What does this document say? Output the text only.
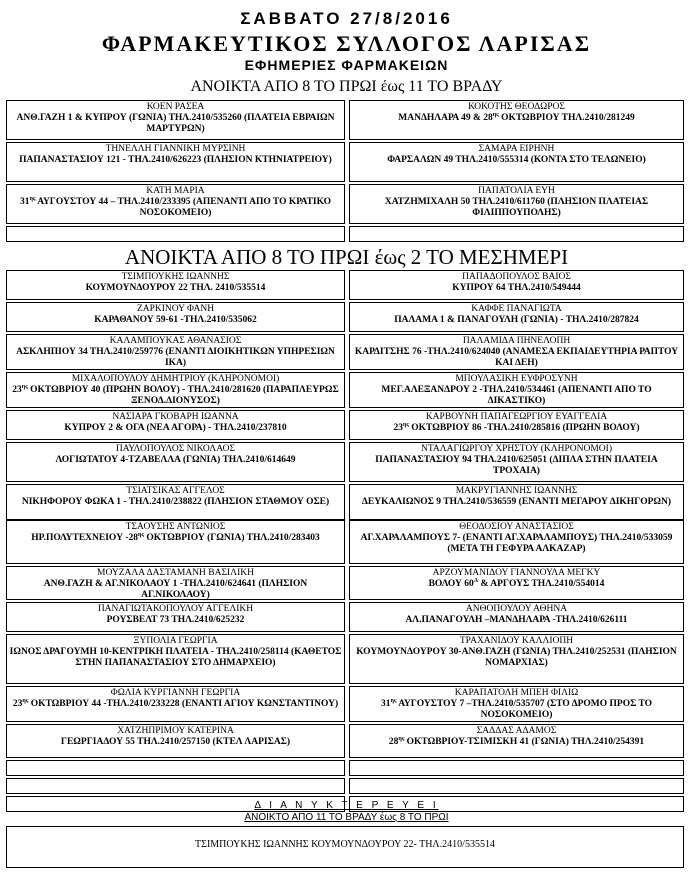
ΣΑΒΒΑΤΟ 27/8/2016
ΦΑΡΜΑΚΕΥΤΙΚΟΣ ΣΥΛΛΟΓΟΣ ΛΑΡΙΣΑΣ
ΕΦΗΜΕΡΙΕΣ ΦΑΡΜΑΚΕΙΩΝ
ΑΝΟΙΚΤΑ ΑΠΟ 8 ΤΟ ΠΡΩΙ έως 11 ΤΟ ΒΡΑΔΥ
ΚΟΕΝ ΡΑΣΕΑ
ΑΝΘ.ΓΑΖΗ 1 & ΚΥΠΡΟΥ (ΓΩΝΙΑ) ΤΗΛ.2410/535260 (ΠΛΑΤΕΙΑ ΕΒΡΑΙΩΝ ΜΑΡΤΥΡΩΝ)
ΚΟΚΟΤΗΣ ΘΕΟΔΩΡΟΣ
ΜΑΝΔΗΛΑΡΑ 49 & $28^{\eta\varsigma}$ ΟΚΤΩΒΡΙΟΥ ΤΗΛ.2410/281249
ΤΗΝΕΛΛΗ ΓΙΑΝΝΙΚΗ ΜΥΡΣΙΝΗ
ΠΑΠΑΝΑΣΤΑΣΙΟΥ 121 - ΤΗΛ.2410/626223 (ΠΛΗΣΙΟΝ ΚΤΗΝΙΑΤΡΕΙΟΥ)
ΣΑΜΑΡΑ ΕΙΡΗΝΗ
ΦΑΡΣΑΛΩΝ 49 ΤΗΛ.2410/555314 (ΚΟΝΤΑ ΣΤΟ ΤΕΛΩΝΕΙΟ)
ΚΑΤΗ ΜΑΡΙΑ
$31^{\eta\varsigma}$ ΑΥΓΟΥΣΤΟΥ 44 – ΤΗΛ.2410/233395 (ΑΠΕΝΑΝΤΙ ΑΠΟ ΤΟ ΚΡΑΤΙΚΟ ΝΟΣΟΚΟΜΕΙΟ)
ΠΑΠΑΤΟΛΙΑ ΕΥΗ
ΧΑΤΖΗΜΙΧΑΛΗ 50 ΤΗΛ.2410/611760 (ΠΛΗΣΙΟΝ ΠΛΑΤΕΙΑΣ ΦΙΛΙΠΠΟΥΠΟΛΗΣ)
ΑΝΟΙΚΤΑ ΑΠΟ 8 ΤΟ ΠΡΩΙ έως 2 ΤΟ ΜΕΣΗΜΕΡΙ
ΤΣΙΜΠΟΥΚΗΣ ΙΩΑΝΝΗΣ
ΚΟΥΜΟΥΝΔΟΥΡΟΥ 22 ΤΗΛ. 2410/535514
ΠΑΠΑΔΟΠΟΥΛΟΣ ΒΑΙΟΣ
ΚΥΠΡΟΥ 64 ΤΗΛ.2410/549444
ΖΑΡΚΙΝΟΥ ΦΑΝΗ
ΚΑΡΑΘΑΝΟΥ 59-61 -ΤΗΛ.2410/535062
ΚΑΦΦΕ ΠΑΝΑΓΙΩΤΑ
ΠΑΛΑΜΑ 1 & ΠΑΝΑΓΟΥΛΗ (ΓΩΝΙΑ) - ΤΗΛ.2410/287824
ΚΑΛΑΜΠΟΥΚΑΣ ΑΘΑΝΑΣΙΟΣ
ΑΣΚΛΗΠΙΟΥ 34 ΤΗΛ.2410/259776 (ΕΝΑΝΤΙ ΔΙΟΙΚΗΤΙΚΩΝ ΥΠΗΡΕΣΙΩΝ ΙΚΑ)
ΠΑΛΑΜΙΔΑ ΠΗΝΕΛΟΠΗ
ΚΑΡΔΙΤΣΗΣ 76 -ΤΗΛ.2410/624040 (ΑΝΑΜΕΣΑ ΕΚΠΑΙΔΕΥΤΗΡΙΑ ΡΑΠΤΟΥ ΚΑΙ ΔΕΗ)
ΜΙΧΑΛΟΠΟΥΛΟΥ ΔΗΜΗΤΡΙΟΥ (ΚΛΗΡΟΝΟΜΟΙ)
$23^{\eta\varsigma}$ ΟΚΤΩΒΡΙΟΥ 40 (ΠΡΩΗΝ ΒΟΛΟΥ) - ΤΗΛ.2410/281620 (ΠΑΡΑΠΛΕΥΡΩΣ ΞΕΝΟΔ.ΔΙΟΝΥΣΟΣ)
ΜΠΟΥΛΑΣΙΚΗ ΕΥΦΡΟΣΥΝΗ
ΜΕΓ.ΑΛΕΞΑΝΔΡΟΥ 2 -ΤΗΛ.2410/534461 (ΑΠΕΝΑΝΤΙ ΑΠΟ ΤΟ ΔΙΚΑΣΤΙΚΟ)
ΝΑΣΙΑΡΑ ΓΚΟΒΑΡΗ ΙΩΑΝΝΑ
ΚΥΠΡΟΥ 2 & ΟΓΑ (ΝΕΑ ΑΓΟΡΑ) - ΤΗΛ.2410/237810
ΚΑΡΒΟΥΝΗ ΠΑΠΑΓΕΩΡΓΙΟΥ ΕΥΑΓΓΕΛΙΑ
$23^{\eta\varsigma}$ ΟΚΤΩΒΡΙΟΥ 86 -ΤΗΛ.2410/285816 (ΠΡΩΗΝ ΒΟΛΟΥ)
ΠΑΥΛΟΠΟΥΛΟΣ ΝΙΚΟΛΑΟΣ
ΛΟΓΙΩΤΑΤΟΥ 4-ΤΖΑΒΕΛΛΑ (ΓΩΝΙΑ) ΤΗΛ.2410/614649
ΝΤΑΛΑΓΙΩΡΓΟΥ ΧΡΗΣΤΟΥ (ΚΛΗΡΟΝΟΜΟΙ)
ΠΑΠΑΝΑΣΤΑΣΙΟΥ 94 ΤΗΛ.2410/625051 (ΔΙΠΛΑ ΣΤΗΝ ΠΛΑΤΕΙΑ ΤΡΟΧΑΙΑ)
ΤΣΙΑΤΣΙΚΑΣ ΑΓΓΕΛΟΣ
ΝΙΚΗΦΟΡΟΥ ΦΩΚΑ 1 - ΤΗΛ.2410/238822 (ΠΛΗΣΙΟΝ ΣΤΑΘΜΟΥ ΟΣΕ)
ΜΑΚΡΥΓΙΑΝΝΗΣ ΙΩΑΝΝΗΣ
ΔΕΥΚΑΛΙΩΝΟΣ 9 ΤΗΛ.2410/536559 (ΕΝΑΝΤΙ ΜΕΓΑΡΟΥ ΔΙΚΗΓΟΡΩΝ)
ΤΣΑΟΥΣΗΣ ΑΝΤΩΝΙΟΣ
ΗΡ.ΠΟΛΥΤΕΧΝΕΙΟΥ $-28^{\eta\varsigma}$ ΟΚΤΩΒΡΙΟΥ (ΓΩΝΙΑ) ΤΗΛ.2410/283403
ΘΕΟΔΟΣΙΟΥ ΑΝΑΣΤΑΣΙΟΣ
ΑΓ.ΧΑΡΑΛΑΜΠΟΥΣ 7- (ΕΝΑΝΤΙ ΑΓ.ΧΑΡΑΛΑΜΠΟΥΣ) ΤΗΛ.2410/533059 (ΜΕΤΑ ΤΗ ΓΕΦΥΡΑ ΑΛΚΑΖΑΡ)
ΜΟΥΖΑΛΑ ΔΑΣΤΑΜΑΝΗ ΒΑΣΙΛΙΚΗ
ΑΝΘ.ΓΑΖΗ & ΑΓ.ΝΙΚΟΛΑΟΥ 1 -ΤΗΛ.2410/624641 (ΠΛΗΣΙΟΝ ΑΓ.ΝΙΚΟΛΑΟΥ)
ΑΡΖΟΥΜΑΝΙΔΟΥ ΓΙΑΝΝΟΥΛΑ ΜΕΓΚΥ
ΒΟΛΟΥ $60^A$ & ΑΡΓΟΥΣ ΤΗΛ.2410/554014
ΠΑΝΑΓΙΩΤΑΚΟΠΟΥΛΟΥ ΑΓΓΕΛΙΚΗ
ΡΟΥΣΒΕΛΤ 73 ΤΗΛ.2410/625232
ΑΝΘΟΠΟΥΛΟΥ ΑΘΗΝΑ
ΑΛ.ΠΑΝΑΓΟΥΛΗ –ΜΑΝΔΗΛΑΡΑ -ΤΗΛ.2410/626111
ΞΥΠΟΛΙΑ ΓΕΩΡΓΙΑ
ΙΩΝΟΣ ΔΡΑΓΟΥΜΗ 10-ΚΕΝΤΡΙΚΗ ΠΛΑΤΕΙΑ - ΤΗΛ.2410/258114 (ΚΑΘΕΤΟΣ ΣΤΗΝ ΠΑΠΑΝΑΣΤΑΣΙΟΥ ΣΤΟ ΔΗΜΑΡΧΕΙΟ)
ΤΡΑΧΑΝΙΔΟΥ ΚΑΛΛΙΟΠΗ
ΚΟΥΜΟΥΝΔΟΥΡΟΥ 30-ΑΝΘ.ΓΑΖΗ (ΓΩΝΙΑ) ΤΗΛ.2410/252531 (ΠΛΗΣΙΟΝ ΝΟΜΑΡΧΙΑΣ)
ΦΩΛΙΑ ΚΥΡΓΙΑΝΝΗ ΓΕΩΡΓΙΑ
$23^{\eta\varsigma}$ ΟΚΤΩΒΡΙΟΥ 44 -ΤΗΛ.2410/233228 (ΕΝΑΝΤΙ ΑΓΙΟΥ ΚΩΝΣΤΑΝΤΙΝΟΥ)
ΚΑΡΑΠΑΤΟΛΗ ΜΠΕΗ ΦΙΛΙΩ
$31^{\eta\varsigma}$ ΑΥΓΟΥΣΤΟΥ 7 –ΤΗΛ.2410/535707 (ΣΤΟ ΔΡΟΜΟ ΠΡΟΣ ΤΟ ΝΟΣΟΚΟΜΕΙΟ)
ΧΑΤΖΗΠΡΙΜΟΥ ΚΑΤΕΡΙΝΑ
ΓΕΩΡΓΙΑΔΟΥ 55 ΤΗΛ.2410/257150 (ΚΤΕΛ ΛΑΡΙΣΑΣ)
ΣΑΔΔΑΣ ΑΔΑΜΟΣ
$28^{\eta\varsigma}$ ΟΚΤΩΒΡΙΟΥ-ΤΣΙΜΙΣΚΗ 41 (ΓΩΝΙΑ) ΤΗΛ.2410/254391
Δ Ι Α Ν Υ Κ Τ Ε Ρ Ε Υ Ε Ι
ΑΝΟΙΚΤΟ ΑΠΟ 11 ΤΟ ΒΡΑΔΥ έως 8 ΤΟ ΠΡΩΙ
ΤΣΙΜΠΟΥΚΗΣ ΙΩΑΝΝΗΣ ΚΟΥΜΟΥΝΔΟΥΡΟΥ 22- ΤΗΛ.2410/535514
